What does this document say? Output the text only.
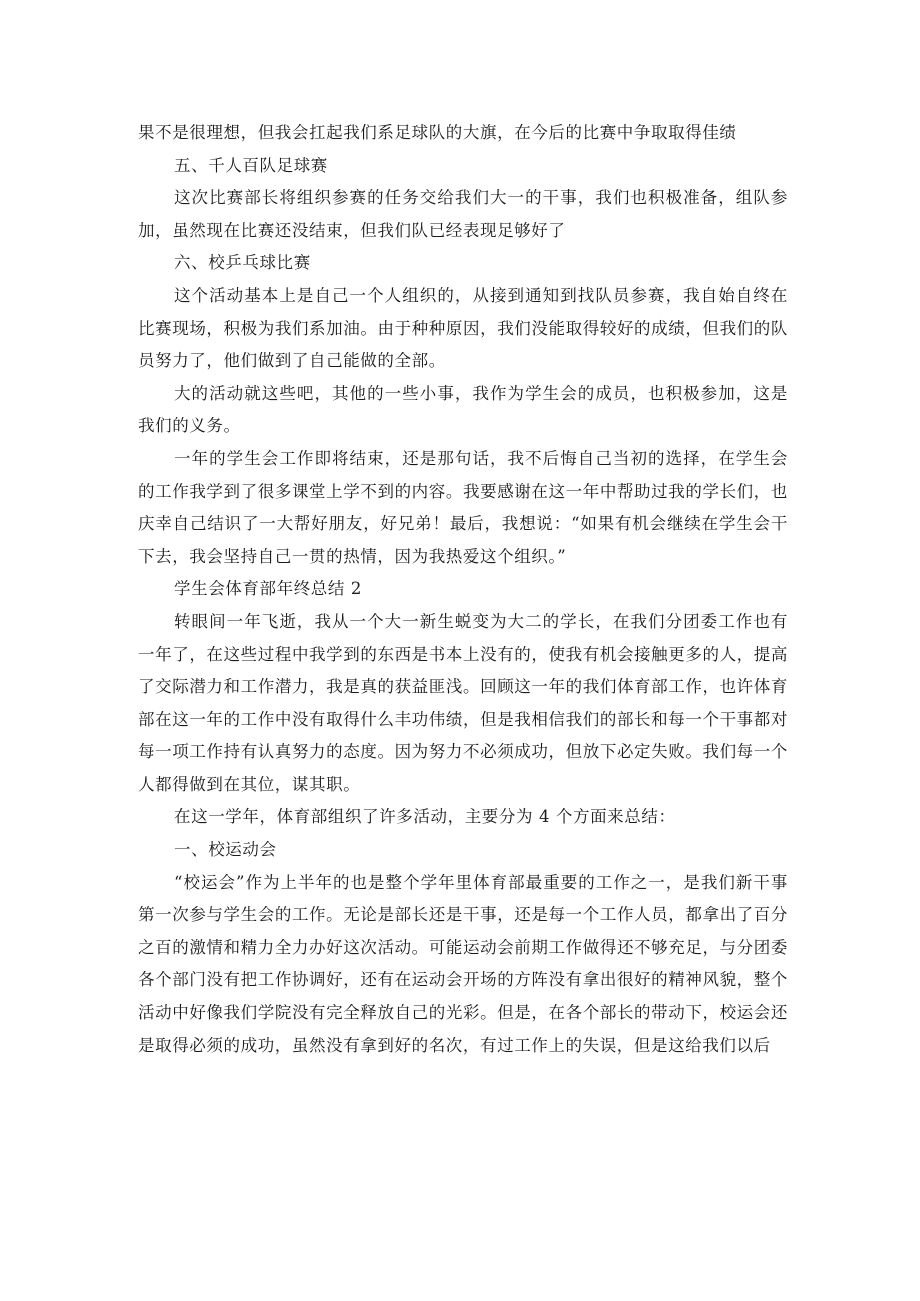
果不是很理想，但我会扛起我们系足球队的大旗，在今后的比赛中争取取得佳绩

五、千人百队足球赛

这次比赛部长将组织参赛的任务交给我们大一的干事，我们也积极准备，组队参加，虽然现在比赛还没结束，但我们队已经表现足够好了

六、校乒乓球比赛

这个活动基本上是自己一个人组织的，从接到通知到找队员参赛，我自始自终在比赛现场，积极为我们系加油。由于种种原因，我们没能取得较好的成绩，但我们的队员努力了，他们做到了自己能做的全部。

大的活动就这些吧，其他的一些小事，我作为学生会的成员，也积极参加，这是我们的义务。

一年的学生会工作即将结束，还是那句话，我不后悔自己当初的选择，在学生会的工作我学到了很多课堂上学不到的内容。我要感谢在这一年中帮助过我的学长们，也庆幸自己结识了一大帮好朋友，好兄弟！最后，我想说：“如果有机会继续在学生会干下去，我会坚持自己一贯的热情，因为我热爱这个组织。”

学生会体育部年终总结 2

转眼间一年飞逝，我从一个大一新生蜕变为大二的学长，在我们分团委工作也有一年了，在这些过程中我学到的东西是书本上没有的，使我有机会接触更多的人，提高了交际潜力和工作潜力，我是真的获益匪浅。回顾这一年的我们体育部工作，也许体育部在这一年的工作中没有取得什么丰功伟绩，但是我相信我们的部长和每一个干事都对每一项工作持有认真努力的态度。因为努力不必须成功，但放下必定失败。我们每一个人都得做到在其位，谋其职。

在这一学年，体育部组织了许多活动，主要分为 4 个方面来总结：

一、校运动会

“校运会”作为上半年的也是整个学年里体育部最重要的工作之一，是我们新干事第一次参与学生会的工作。无论是部长还是干事，还是每一个工作人员，都拿出了百分之百的激情和精力全力办好这次活动。可能运动会前期工作做得还不够充足，与分团委各个部门没有把工作协调好，还有在运动会开场的方阵没有拿出很好的精神风貌，整个活动中好像我们学院没有完全释放自己的光彩。但是，在各个部长的带动下，校运会还是取得必须的成功，虽然没有拿到好的名次，有过工作上的失误，但是这给我们以后
